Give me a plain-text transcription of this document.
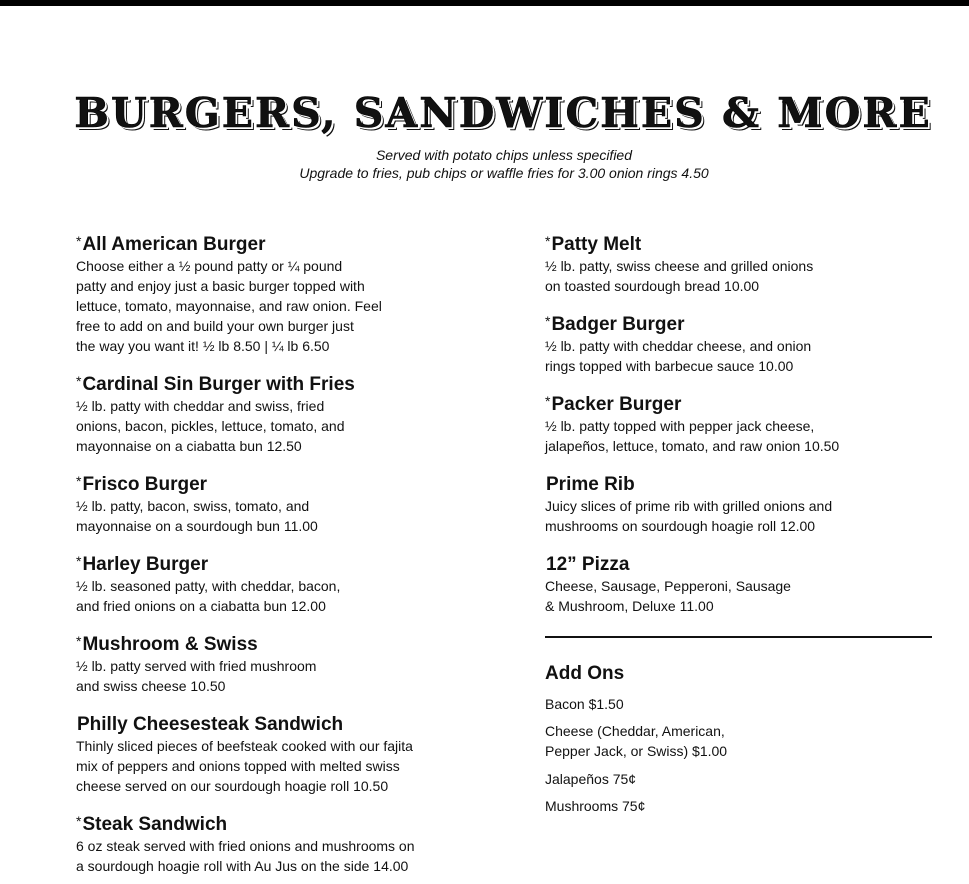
BURGERS, SANDWICHES & MORE
Served with potato chips unless specified
Upgrade to fries, pub chips or waffle fries for 3.00 onion rings 4.50
*All American Burger
Choose either a ½ pound patty or ¼ pound
patty and enjoy just a basic burger topped with
lettuce, tomato, mayonnaise, and raw onion. Feel
free to add on and build your own burger just
the way you want it! ½ lb 8.50 | ¼ lb 6.50
*Cardinal Sin Burger with Fries
½ lb. patty with cheddar and swiss, fried
onions, bacon, pickles, lettuce, tomato, and
mayonnaise on a ciabatta bun 12.50
*Frisco Burger
½ lb. patty, bacon, swiss, tomato, and
mayonnaise on a sourdough bun 11.00
*Harley Burger
½ lb. seasoned patty, with cheddar, bacon,
and fried onions on a ciabatta bun 12.00
*Mushroom & Swiss
½ lb. patty served with fried mushroom
and swiss cheese 10.50
Philly Cheesesteak Sandwich
Thinly sliced pieces of beefsteak cooked with our fajita
mix of peppers and onions topped with melted swiss
cheese served on our sourdough hoagie roll 10.50
*Steak Sandwich
6 oz steak served with fried onions and mushrooms on
a sourdough hoagie roll with Au Jus on the side 14.00
*Patty Melt
½ lb. patty, swiss cheese and grilled onions
on toasted sourdough bread 10.00
*Badger Burger
½ lb. patty with cheddar cheese, and onion
rings topped with barbecue sauce 10.00
*Packer Burger
½ lb. patty topped with pepper jack cheese,
jalapeños, lettuce, tomato, and raw onion 10.50
Prime Rib
Juicy slices of prime rib with grilled onions and
mushrooms on sourdough hoagie roll 12.00
12” Pizza
Cheese, Sausage, Pepperoni, Sausage
& Mushroom, Deluxe 11.00
Add Ons
Bacon $1.50
Cheese (Cheddar, American,
Pepper Jack, or Swiss) $1.00
Jalapeños 75¢
Mushrooms 75¢
